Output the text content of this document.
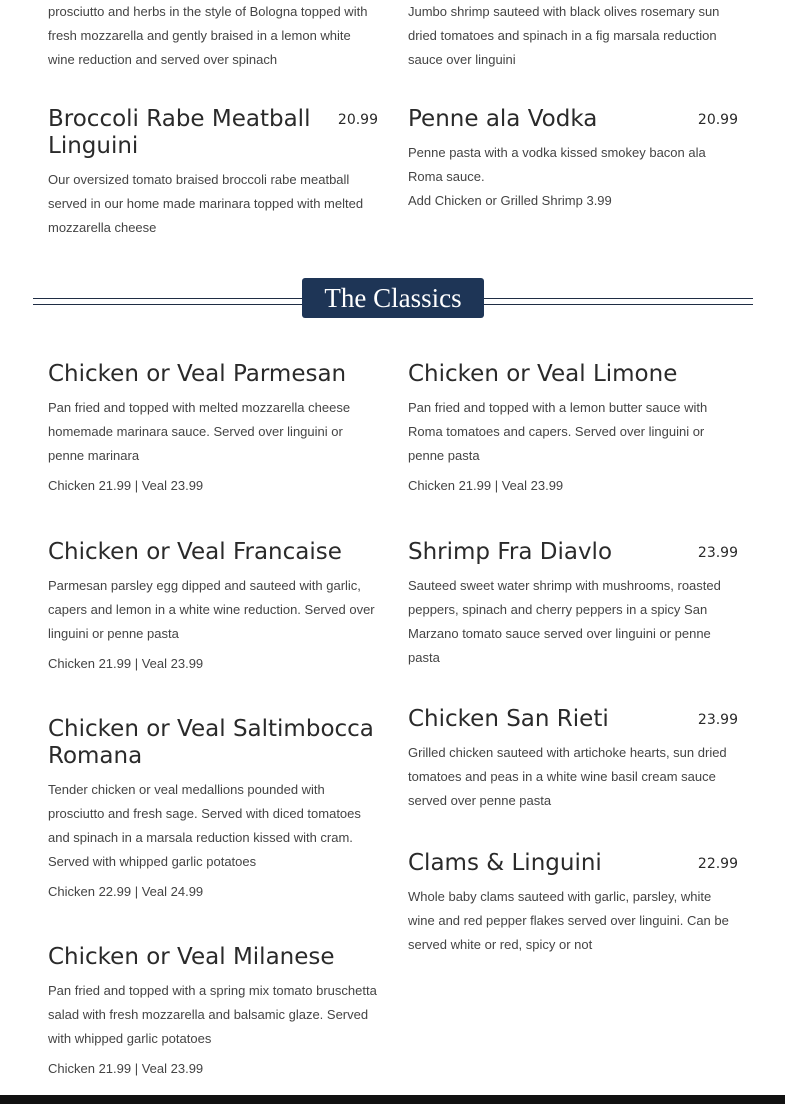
prosciutto and herbs in the style of Bologna topped with fresh mozzarella and gently braised in a lemon white wine reduction and served over spinach
Jumbo shrimp sauteed with black olives rosemary sun dried tomatoes and spinach in a fig marsala reduction sauce over linguini
Broccoli Rabe Meatball Linguini
20.99
Our oversized tomato braised broccoli rabe meatball served in our home made marinara topped with melted mozzarella cheese
Penne ala Vodka	20.99
Penne pasta with a vodka kissed smokey bacon ala Roma sauce.
Add Chicken or Grilled Shrimp 3.99
The Classics
Chicken or Veal Parmesan
Pan fried and topped with melted mozzarella cheese homemade marinara sauce. Served over linguini or penne marinara
Chicken 21.99 | Veal 23.99
Chicken or Veal Francaise
Parmesan parsley egg dipped and sauteed with garlic, capers and lemon in a white wine reduction. Served over linguini or penne pasta
Chicken 21.99 | Veal 23.99
Chicken or Veal Saltimbocca Romana
Tender chicken or veal medallions pounded with prosciutto and fresh sage. Served with diced tomatoes and spinach in a marsala reduction kissed with cram. Served with whipped garlic potatoes
Chicken 22.99 | Veal 24.99
Chicken or Veal Milanese
Pan fried and topped with a spring mix tomato bruschetta salad with fresh mozzarella and balsamic glaze. Served with whipped garlic potatoes
Chicken 21.99 | Veal 23.99
Chicken or Veal Limone
Pan fried and topped with a lemon butter sauce with Roma tomatoes and capers. Served over linguini or penne pasta
Chicken 21.99 | Veal 23.99
Shrimp Fra Diavlo	23.99
Sauteed sweet water shrimp with mushrooms, roasted peppers, spinach and cherry peppers in a spicy San Marzano tomato sauce served over linguini or penne pasta
Chicken San Rieti	23.99
Grilled chicken sauteed with artichoke hearts, sun dried tomatoes and peas in a white wine basil cream sauce served over penne pasta
Clams & Linguini	22.99
Whole baby clams sauteed with garlic, parsley, white wine and red pepper flakes served over linguini. Can be served white or red, spicy or not
